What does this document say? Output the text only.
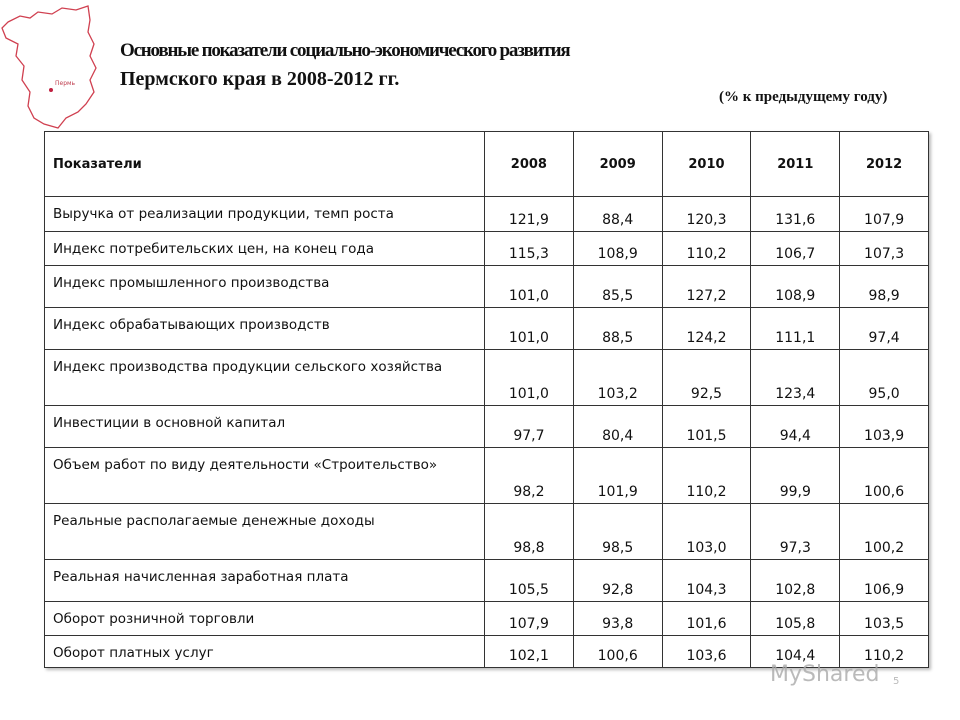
Пермь
Основные показатели социально-экономического развития
Пермского края в 2008-2012 гг.
(% к предыдущему году)
Показатели	2008	2009	2010	2011	2012
Выручка от реализации продукции, темп роста	121,9	88,4	120,3	131,6	107,9
Индекс потребительских цен, на конец года	115,3	108,9	110,2	106,7	107,3
Индекс промышленного производства	101,0	85,5	127,2	108,9	98,9
Индекс обрабатывающих производств	101,0	88,5	124,2	111,1	97,4
Индекс производства продукции сельского хозяйства	101,0	103,2	92,5	123,4	95,0
Инвестиции в основной капитал	97,7	80,4	101,5	94,4	103,9
Объем работ по виду деятельности «Строительство»	98,2	101,9	110,2	99,9	100,6
Реальные располагаемые денежные доходы	98,8	98,5	103,0	97,3	100,2
Реальная начисленная заработная плата	105,5	92,8	104,3	102,8	106,9
Оборот розничной торговли	107,9	93,8	101,6	105,8	103,5
Оборот платных услуг	102,1	100,6	103,6	104,4	110,2
MyShared 5
